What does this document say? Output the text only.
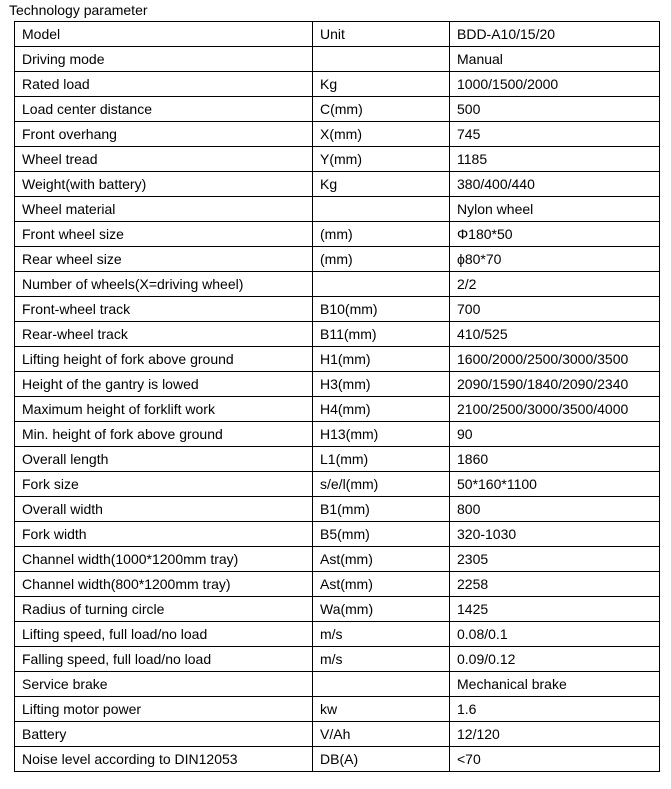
Technology parameter
Model	Unit	BDD-A10/15/20
Driving mode		Manual
Rated load	Kg	1000/1500/2000
Load center distance	C(mm)	500
Front overhang	X(mm)	745
Wheel tread	Y(mm)	1185
Weight(with battery)	Kg	380/400/440
Wheel material		Nylon wheel
Front wheel size	(mm)	Φ180*50
Rear wheel size	(mm)	ϕ80*70
Number of wheels(X=driving wheel)		2/2
Front-wheel track	B10(mm)	700
Rear-wheel track	B11(mm)	410/525
Lifting height of fork above ground	H1(mm)	1600/2000/2500/3000/3500
Height of the gantry is lowed	H3(mm)	2090/1590/1840/2090/2340
Maximum height of forklift work	H4(mm)	2100/2500/3000/3500/4000
Min. height of fork above ground	H13(mm)	90
Overall length	L1(mm)	1860
Fork size	s/e/l(mm)	50*160*1100
Overall width	B1(mm)	800
Fork width	B5(mm)	320-1030
Channel width(1000*1200mm tray)	Ast(mm)	2305
Channel width(800*1200mm tray)	Ast(mm)	2258
Radius of turning circle	Wa(mm)	1425
Lifting speed, full load/no load	m/s	0.08/0.1
Falling speed, full load/no load	m/s	0.09/0.12
Service brake		Mechanical brake
Lifting motor power	kw	1.6
Battery	V/Ah	12/120
Noise level according to DIN12053	DB(A)	<70
